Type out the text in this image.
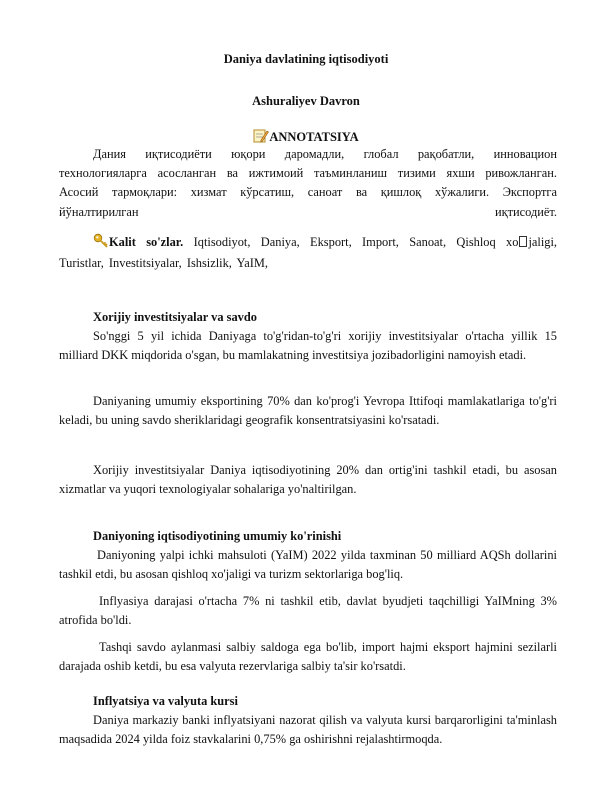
Daniya davlatining iqtisodiyoti
Ashuraliyev Davron
ANNOTATSIYA
Дания иқтисодиёти юқори даромадли, глобал рақобатли, инновацион
технологияларга асосланган ва ижтимоий таъминланиш тизими яхши ривожланган.
Асосий тармоқлари: хизмат кўрсатиш, саноат ва қишлоқ хўжалиги. Экспортга
йўналтирилган	иқтисодиёт.
Kalit so'zlar. Iqtisodiyot, Daniya, Eksport, Import, Sanoat, Qishloq xo jaligi,
Turistlar, Investitsiyalar, Ishsizlik, YaIM,
Xorijiy investitsiyalar va savdo
So'nggi 5 yil ichida Daniyaga to'g'ridan-to'g'ri xorijiy investitsiyalar o'rtacha yillik 15 milliard DKK miqdorida o'sgan, bu mamlakatning investitsiya jozibadorligini namoyish etadi.
Daniyaning umumiy eksportining 70% dan ko'prog'i Yevropa Ittifoqi mamlakatlariga to'g'ri keladi, bu uning savdo sheriklaridagi geografik konsentratsiyasini ko'rsatadi.
Xorijiy investitsiyalar Daniya iqtisodiyotining 20% dan ortig'ini tashkil etadi, bu asosan xizmatlar va yuqori texnologiyalar sohalariga yo'naltirilgan.
Daniyoning iqtisodiyotining umumiy ko'rinishi
Daniyoning yalpi ichki mahsuloti (YaIM) 2022 yilda taxminan 50 milliard AQSh dollarini tashkil etdi, bu asosan qishloq xo'jaligi va turizm sektorlariga bog'liq.
Inflyasiya darajasi o'rtacha 7% ni tashkil etib, davlat byudjeti taqchilligi YaIMning 3% atrofida bo'ldi.
Tashqi savdo aylanmasi salbiy saldoga ega bo'lib, import hajmi eksport hajmini sezilarli darajada oshib ketdi, bu esa valyuta rezervlariga salbiy ta'sir ko'rsatdi.
Inflyatsiya va valyuta kursi
Daniya markaziy banki inflyatsiyani nazorat qilish va valyuta kursi barqarorligini ta'minlash maqsadida 2024 yilda foiz stavkalarini 0,75% ga oshirishni rejalashtirmoqda.
